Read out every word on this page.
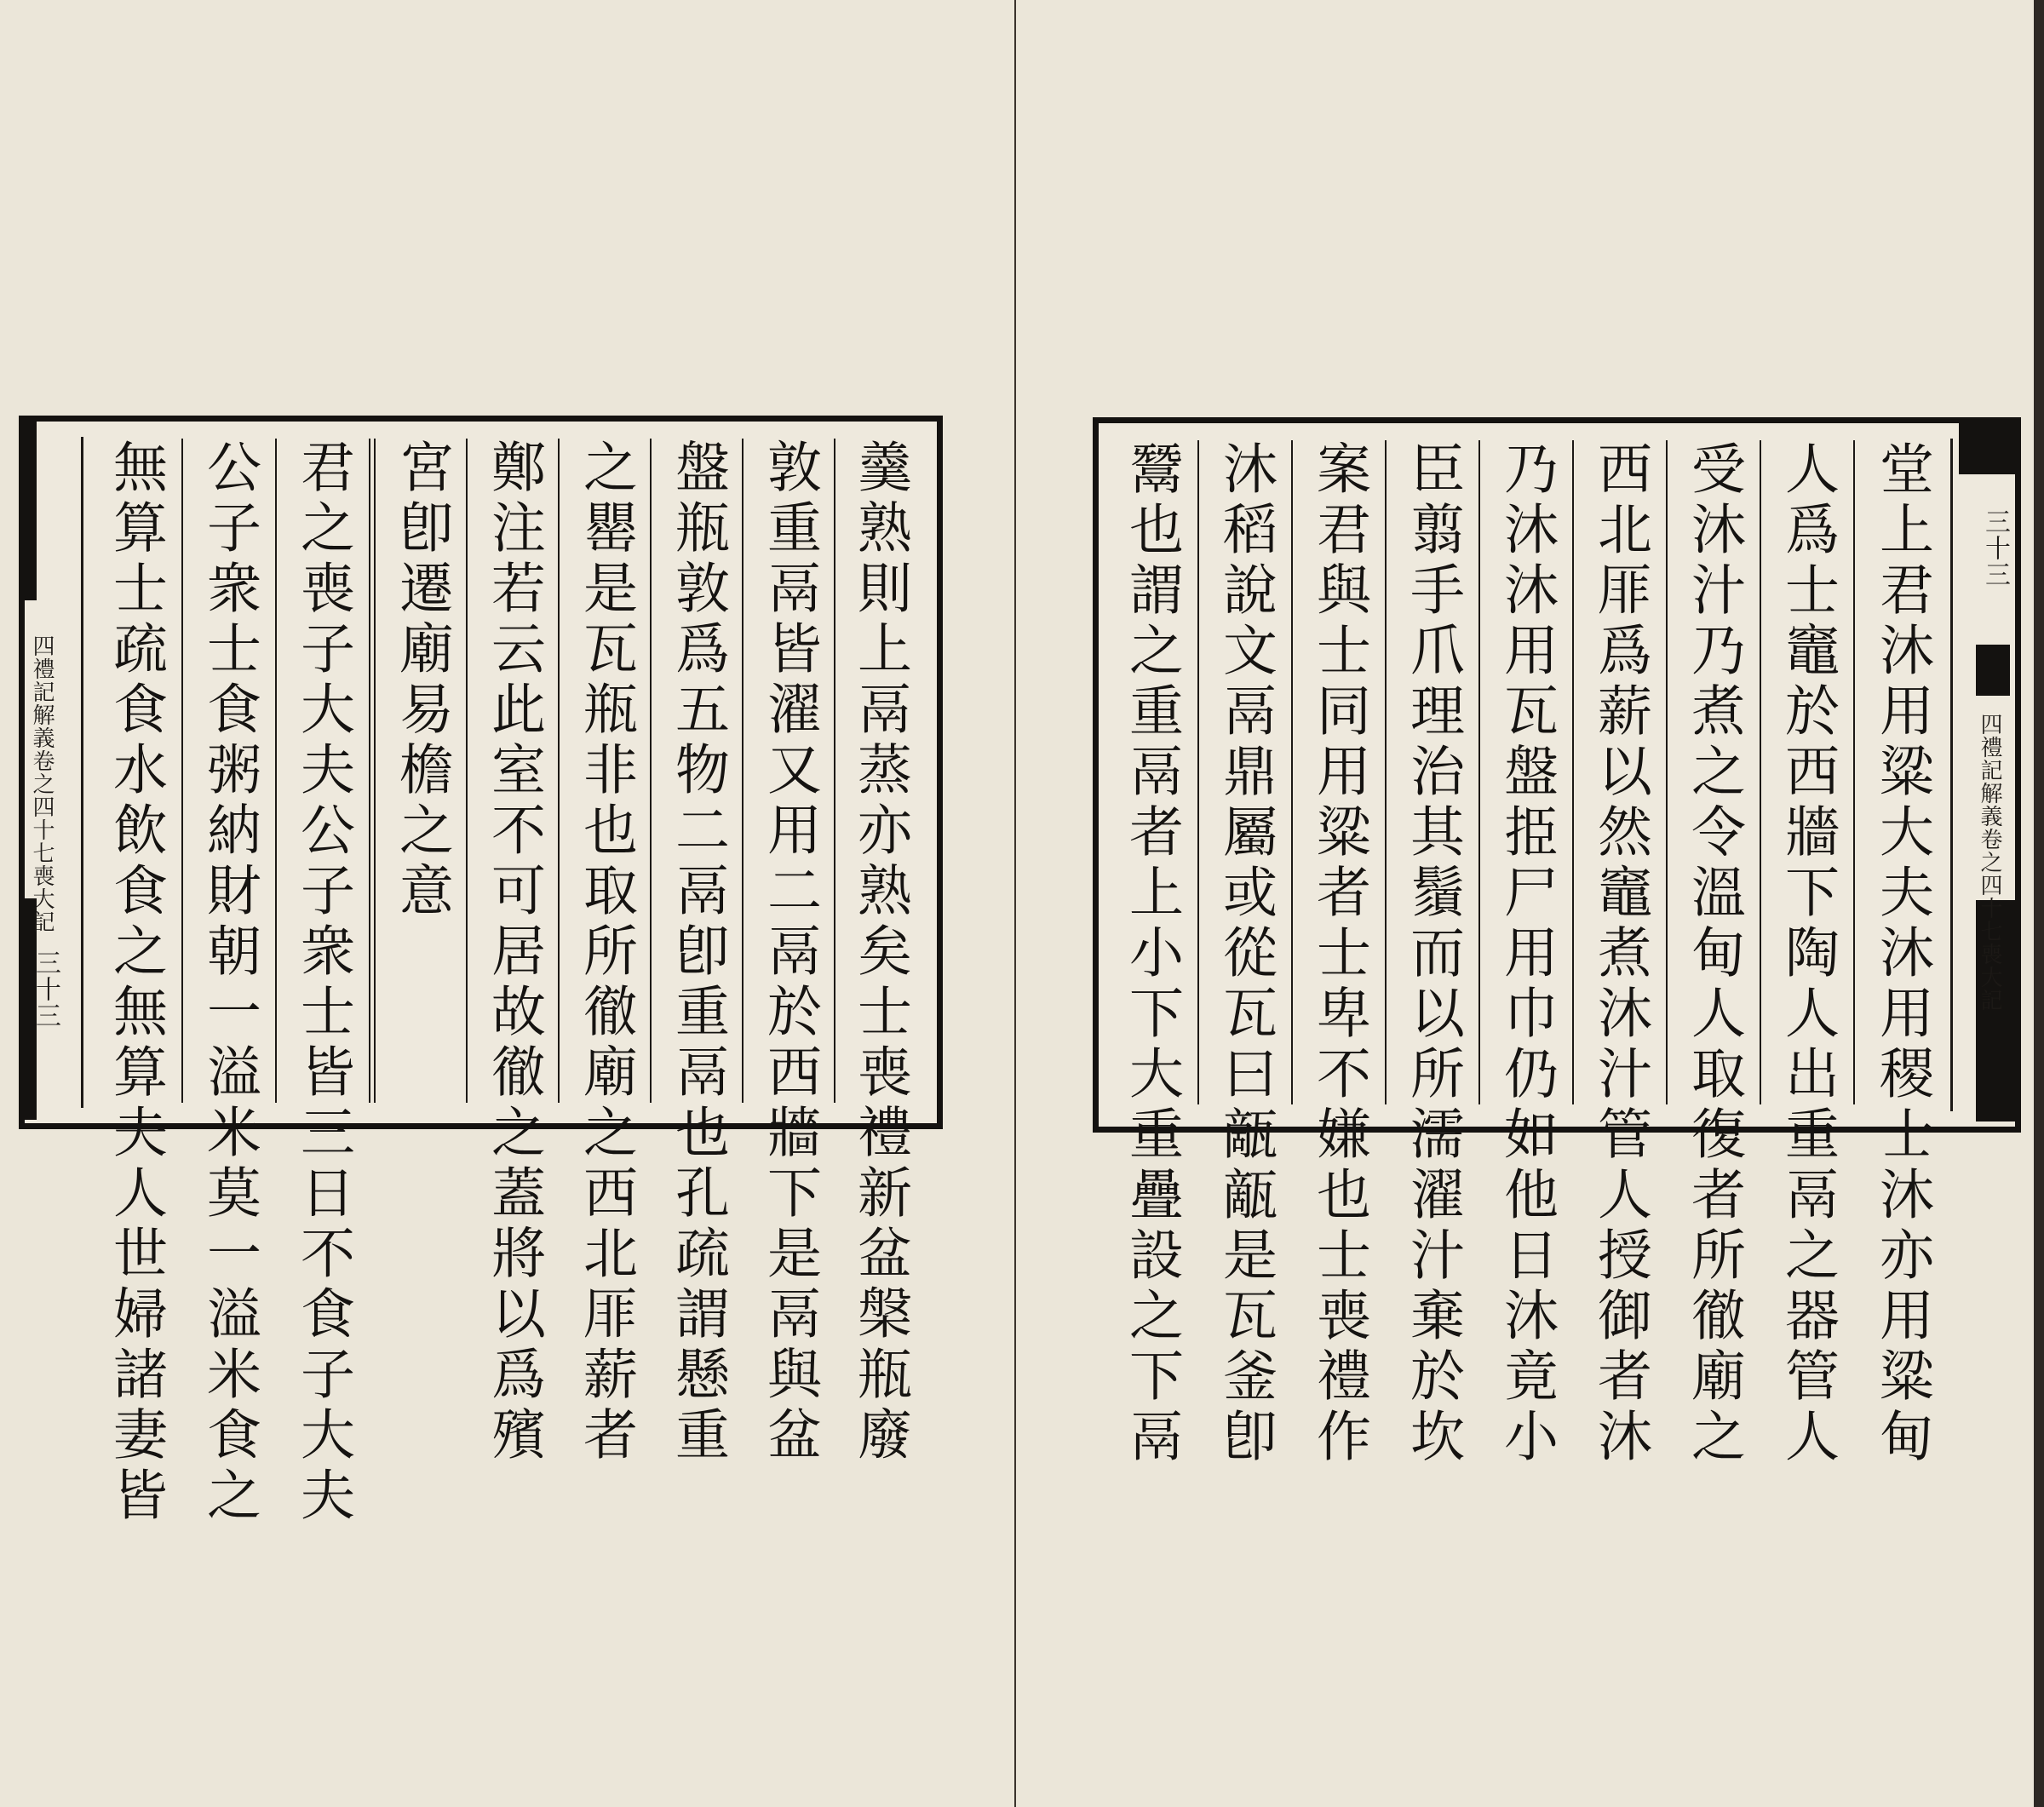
四禮記解義卷之四十七喪大記
三十三	羹熟則上鬲蒸亦熟矣士喪禮新盆槃瓶廢
敦重鬲皆濯又用二鬲於西牆下是鬲與盆
盤瓶敦爲五物二鬲卽重鬲也孔疏謂懸重
之罌是瓦瓶非也取所徹廟之西北厞薪者
鄭注若云此室不可居故徹之蓋將以爲殯
宮卽遷廟易檐之意
君之喪子大夫公子衆士皆三日不食子大夫
公子衆士食粥納財朝一溢米莫一溢米食之
無算士疏食水飲食之無算夫人世婦諸妻皆	堂上君沐用粱大夫沐用稷士沐亦用粱甸
人爲士竈於西牆下陶人出重鬲之器管人
受沐汁乃煮之令溫甸人取復者所徹廟之
西北厞爲薪以然竈煮沐汁管人授御者沐
乃沐沐用瓦盤挋尸用巾仍如他日沐竟小
臣翦手爪理治其鬚而以所濡濯汁棄於坎
案君與士同用粱者士卑不嫌也士喪禮作
沐稻說文鬲鼎屬或從瓦曰甋甋是瓦釜卽
鬵也謂之重鬲者上小下大重疊設之下鬲	四禮記解義卷之四十七喪大記
三十三
